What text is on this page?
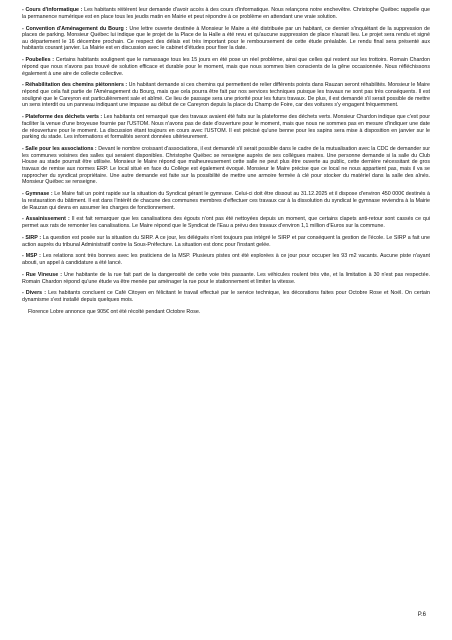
- Cours d'informatique : Les habitants réitèrent leur demande d'avoir accès à des cours d'informatique. Nous relançons notre enchevêtre. Christophe Québec rappelle que la permanence numérique est en place tous les jeudis matin en Mairie et peut répondre à ce problème en attendant une vraie solution.

- Convention d'Aménagement du Bourg : Une lettre ouverte destinée à Monsieur le Maire a été distribuée par un habitant, ce dernier s'inquiétant de la suppression de places de parking. Monsieur Québec lui indique que le projet de la Place de la Halle a été revu et qu'aucune suppression de place n'aurait lieu. Le projet sera rendu et signé au département le 16 décembre prochain. Ce respect des délais est très important pour le remboursement de cette étude préalable. Le rendu final sera présenté aux habitants courant janvier. La Mairie est en discussion avec le cabinet d'études pour fixer la date.

- Poubelles : Certains habitants soulignent que le ramassage tous les 15 jours en été pose un réel problème, ainsi que celles qui restent sur les trottoirs. Romain Chardon répond que nous n'avons pas trouvé de solution efficace et durable pour le moment, mais que nous sommes bien conscients de la gêne occasionnée. Nous réfléchissons également à une aire de collecte collective.

- Réhabilitation des chemins piétonniers : Un habitant demande si ces chemins qui permettent de relier différents points dans Rauzan seront réhabilités. Monsieur le Maire répond que cela fait partie de l'Aménagement du Bourg, mais que cela pourra être fait par nos services techniques puisque les travaux ne sont pas très conséquents. Il est souligné que le Careyron est particulièrement sale et abîmé. Ce lieu de passage sera une priorité pour les futurs travaux. De plus, il est demandé s'il serait possible de mettre un sens interdit ou un panneau indiquant une impasse au début de ce Careyron depuis la place du Champ de Foire, car des voitures s'y engagent fréquemment.

- Plateforme des déchets verts : Les habitants ont remarqué que des travaux avaient été faits sur la plateforme des déchets verts. Monsieur Chardon indique que c'est pour faciliter la venue d'une broyeuse fournie par l'USTOM. Nous n'avons pas de date d'ouverture pour le moment, mais que nous ne sommes pas en mesure d'indiquer une date de réouverture pour le moment. La discussion étant toujours en cours avec l'USTOM. Il est précisé qu'une benne pour les sapins sera mise à disposition en janvier sur le parking du stade. Les informations et formalités seront données ultérieurement.

- Salle pour les associations : Devant le nombre croissant d'associations, il est demandé s'il serait possible dans le cadre de la mutualisation avec la CDC de demander sur les communes voisines des salles qui seraient disponibles. Christophe Québec se renseigne auprès de ses collègues maires. Une personne demande si la salle du Club House au stade pourrait être utilisée. Monsieur le Maire répond que malheureusement cette salle ne peut plus être ouverte au public, cette dernière nécessitant de gros travaux de remise aux normes ERP. Le local situé en face du Collège est également évoqué. Monsieur le Maire précise que ce local ne nous appartient pas, mais il va se rapprocher du syndicat propriétaire. Une autre demande est faite sur la possibilité de mettre une armoire fermée à clé pour stocker du matériel dans la salle des aînés. Monsieur Québec se renseigne.

- Gymnase : Le Maire fait un point rapide sur la situation du Syndicat gérant le gymnase. Celui-ci doit être dissout au 31.12.2025 et il dispose d'environ 450 000€ destinés à la restauration du bâtiment. Il est dans l'intérêt de chacune des communes membres d'effectuer ces travaux car à la dissolution du syndicat le gymnase reviendra à la Mairie de Rauzan qui devra en assumer les charges de fonctionnement.

- Assainissement : Il est fait remarquer que les canalisations des égouts n'ont pas été nettoyées depuis un moment, que certains clapets anti-retour sont cassés ce qui permet aux rats de remonter les canalisations. Le Maire répond que le Syndicat de l'Eau a prévu des travaux d'environ 1,1 million d'Euros sur la commune.

- SIRP : La question est posée sur la situation du SIRP. A ce jour, les délégués n'ont toujours pas intégré le SIRP et par conséquent la gestion de l'école. Le SIRP a fait une action auprès du tribunal Administratif contre la Sous-Préfecture. La situation est donc pour l'instant gelée.

- MSP : Les relations sont très bonnes avec les praticiens de la MSP. Plusieurs pistes ont été explorées à ce jour pour occuper les 93 m2 vacants. Aucune piste n'ayant abouti, un appel à candidature a été lancé.

- Rue Vineuse : Une habitante de la rue fait part de la dangerosité de cette voie très passante. Les véhicules roulent très vite, et la limitation à 30 n'est pas respectée. Romain Chardon répond qu'une étude va être menée par aménager la rue pour le stationnement et limiter la vitesse.

- Divers : Les habitants concluent ce Café Citoyen en félicitant le travail effectué par le service technique, les décorations faites pour Octobre Rose et Noël. On certain dynamisme s'est installé depuis quelques mois.

Florence Lobre annonce que 905€ ont été récolté pendant Octobre Rose.

P.6
